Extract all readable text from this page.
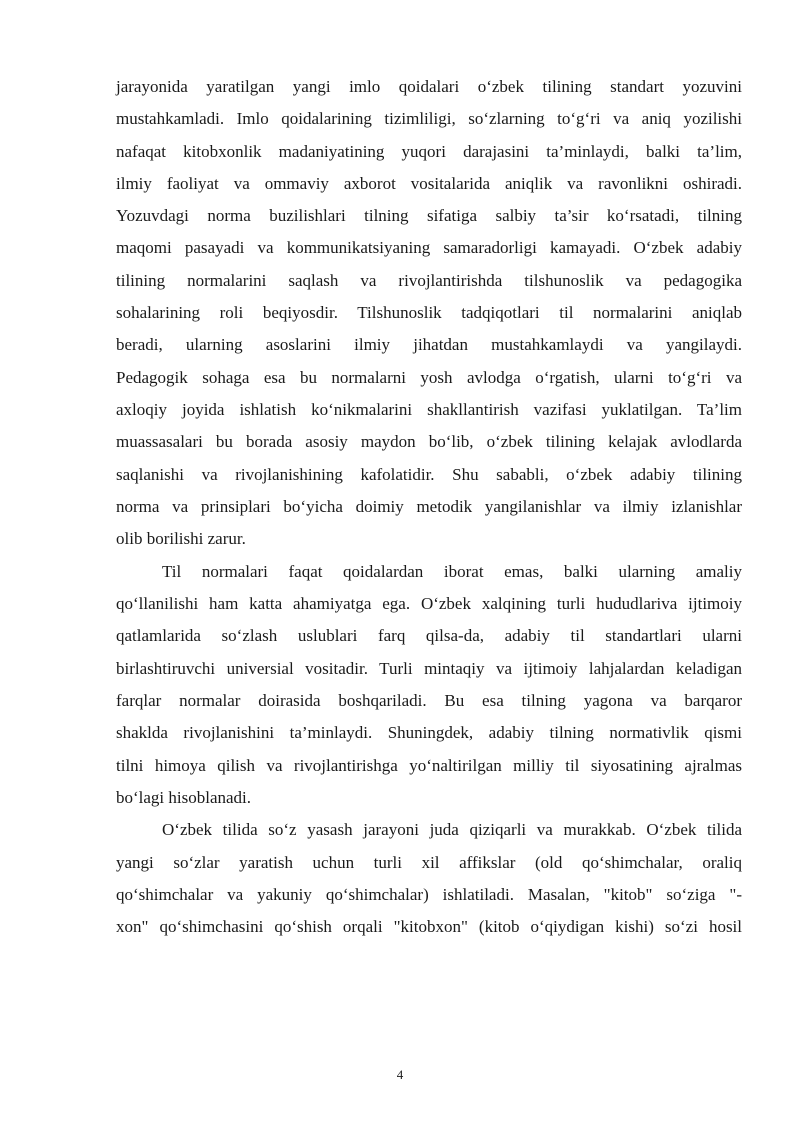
jarayonida yaratilgan yangi imlo qoidalari o‘zbek tilining standart yozuvini
mustahkamladi. Imlo qoidalarining tizimliligi, so‘zlarning to‘g‘ri va aniq yozilishi
nafaqat kitobxonlik madaniyatining yuqori darajasini ta’minlaydi, balki ta’lim,
ilmiy faoliyat va ommaviy axborot vositalarida aniqlik va ravonlikni oshiradi.
Yozuvdagi norma buzilishlari tilning sifatiga salbiy ta’sir ko‘rsatadi, tilning
maqomi pasayadi va kommunikatsiyaning samaradorligi kamayadi. O‘zbek adabiy
tilining normalarini saqlash va rivojlantirishda tilshunoslik va pedagogika
sohalarining roli beqiyosdir. Tilshunoslik tadqiqotlari til normalarini aniqlab
beradi, ularning asoslarini ilmiy jihatdan mustahkamlaydi va yangilaydi.
Pedagogik sohaga esa bu normalarni yosh avlodga o‘rgatish, ularni to‘g‘ri va
axloqiy joyida ishlatish ko‘nikmalarini shakllantirish vazifasi yuklatilgan. Ta’lim
muassasalari bu borada asosiy maydon bo‘lib, o‘zbek tilining kelajak avlodlarda
saqlanishi va rivojlanishining kafolatidir. Shu sababli, o‘zbek adabiy tilining
norma va prinsiplari bo‘yicha doimiy metodik yangilanishlar va ilmiy izlanishlar
olib borilishi zarur.
Til normalari faqat qoidalardan iborat emas, balki ularning amaliy
qo‘llanilishi ham katta ahamiyatga ega. O‘zbek xalqining turli hududlariva ijtimoiy
qatlamlarida so‘zlash uslublari farq qilsa-da, adabiy til standartlari ularni
birlashtiruvchi universial vositadir. Turli mintaqiy va ijtimoiy lahjalardan keladigan
farqlar normalar doirasida boshqariladi. Bu esa tilning yagona va barqaror
shaklda rivojlanishini ta’minlaydi. Shuningdek, adabiy tilning normativlik qismi
tilni himoya qilish va rivojlantirishga yo‘naltirilgan milliy til siyosatining ajralmas
bo‘lagi hisoblanadi.
O‘zbek tilida so‘z yasash jarayoni juda qiziqarli va murakkab. O‘zbek tilida
yangi so‘zlar yaratish uchun turli xil affikslar (old qo‘shimchalar, oraliq
qo‘shimchalar va yakuniy qo‘shimchalar) ishlatiladi. Masalan, "kitob" so‘ziga "-
xon" qo‘shimchasini qo‘shish orqali "kitobxon" (kitob o‘qiydigan kishi) so‘zi hosil
4
